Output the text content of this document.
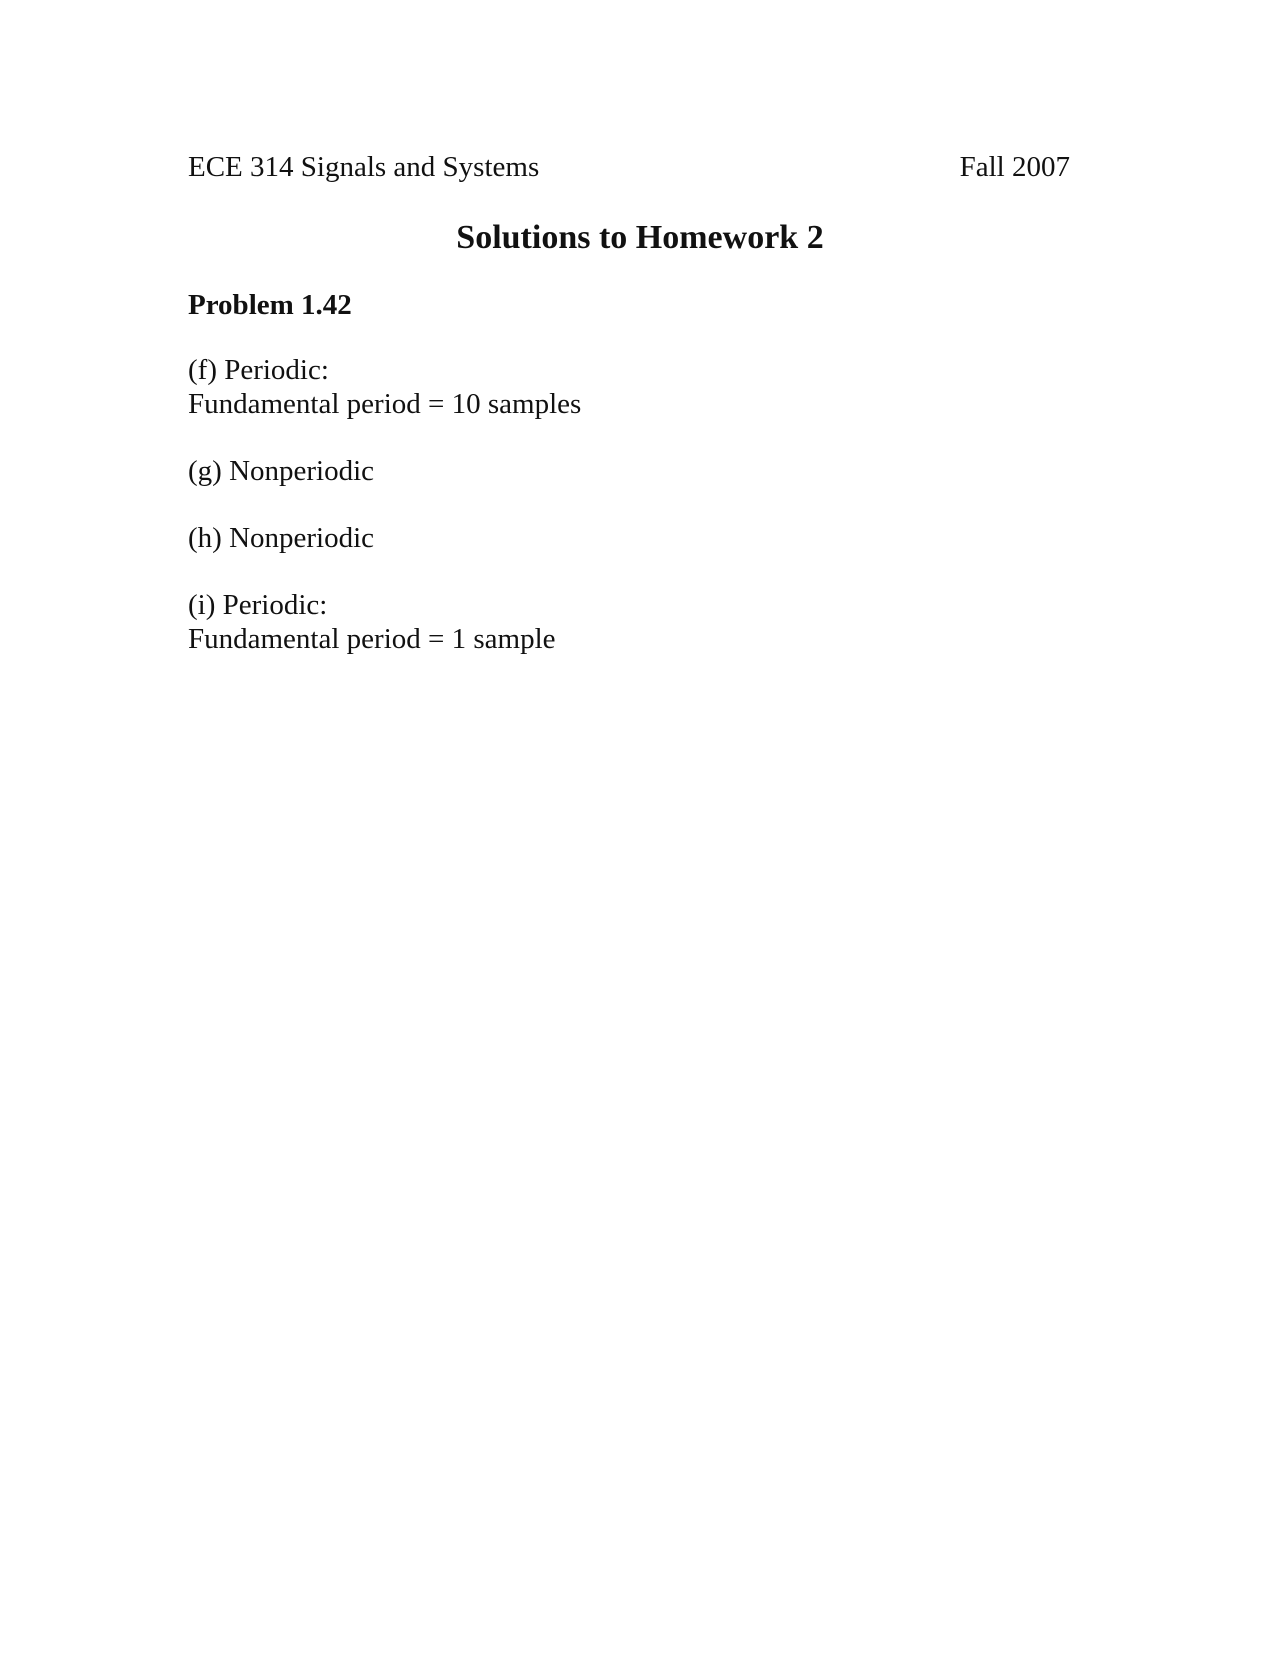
ECE 314 Signals and Systems	Fall 2007
Solutions to Homework 2
Problem 1.42
(f) Periodic:
Fundamental period = 10 samples
(g) Nonperiodic
(h) Nonperiodic
(i) Periodic:
Fundamental period = 1 sample
